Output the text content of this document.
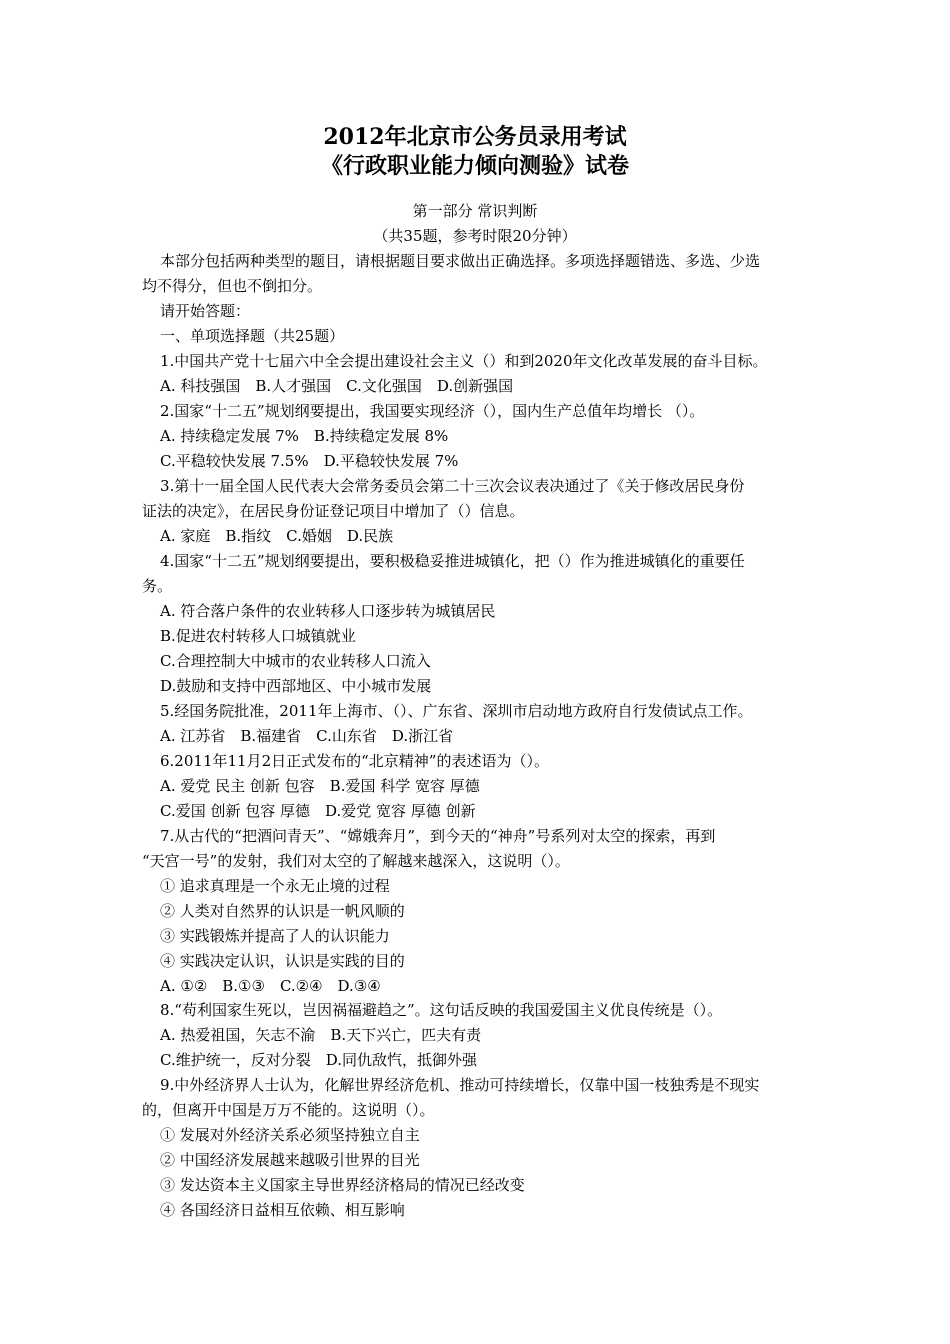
2012年北京市公务员录用考试
《行政职业能力倾向测验》试卷
第一部分 常识判断
（共35题，参考时限20分钟）
本部分包括两种类型的题目，请根据题目要求做出正确选择。多项选择题错选、多选、少选
均不得分，但也不倒扣分。
请开始答题：
一、单项选择题（共25题）
1.中国共产党十七届六中全会提出建设社会主义（）和到2020年文化改革发展的奋斗目标。
A. 科技强国　B.人才强国　C.文化强国　D.创新强国
2.国家“十二五”规划纲要提出，我国要实现经济（），国内生产总值年均增长 （）。
A. 持续稳定发展 7%　B.持续稳定发展 8%
C.平稳较快发展 7.5%　D.平稳较快发展 7%
3.第十一届全国人民代表大会常务委员会第二十三次会议表决通过了《关于修改居民身份
证法的决定》，在居民身份证登记项目中增加了（）信息。
A. 家庭　B.指纹　C.婚姻　D.民族
4.国家“十二五”规划纲要提出，要积极稳妥推进城镇化，把（）作为推进城镇化的重要任
务。
A. 符合落户条件的农业转移人口逐步转为城镇居民
B.促进农村转移人口城镇就业
C.合理控制大中城市的农业转移人口流入
D.鼓励和支持中西部地区、中小城市发展
5.经国务院批准，2011年上海市、（）、广东省、深圳市启动地方政府自行发债试点工作。
A. 江苏省　B.福建省　C.山东省　D.浙江省
6.2011年11月2日正式发布的“北京精神”的表述语为（）。
A. 爱党 民主 创新 包容　B.爱国 科学 宽容 厚德
C.爱国 创新 包容 厚德　D.爱党 宽容 厚德 创新
7.从古代的“把酒问青天”、“嫦娥奔月”，到今天的“神舟”号系列对太空的探索，再到
“天宫一号”的发射，我们对太空的了解越来越深入，这说明（）。
① 追求真理是一个永无止境的过程
② 人类对自然界的认识是一帆风顺的
③ 实践锻炼并提高了人的认识能力
④ 实践决定认识，认识是实践的目的
A. ①②　B.①③　C.②④　D.③④
8.“苟利国家生死以，岂因祸福避趋之”。这句话反映的我国爱国主义优良传统是（）。
A. 热爱祖国，矢志不渝　B.天下兴亡，匹夫有责
C.维护统一，反对分裂　D.同仇敌忾，抵御外强
9.中外经济界人士认为，化解世界经济危机、推动可持续增长，仅靠中国一枝独秀是不现实
的，但离开中国是万万不能的。这说明（）。
① 发展对外经济关系必须坚持独立自主
② 中国经济发展越来越吸引世界的目光
③ 发达资本主义国家主导世界经济格局的情况已经改变
④ 各国经济日益相互依赖、相互影响
